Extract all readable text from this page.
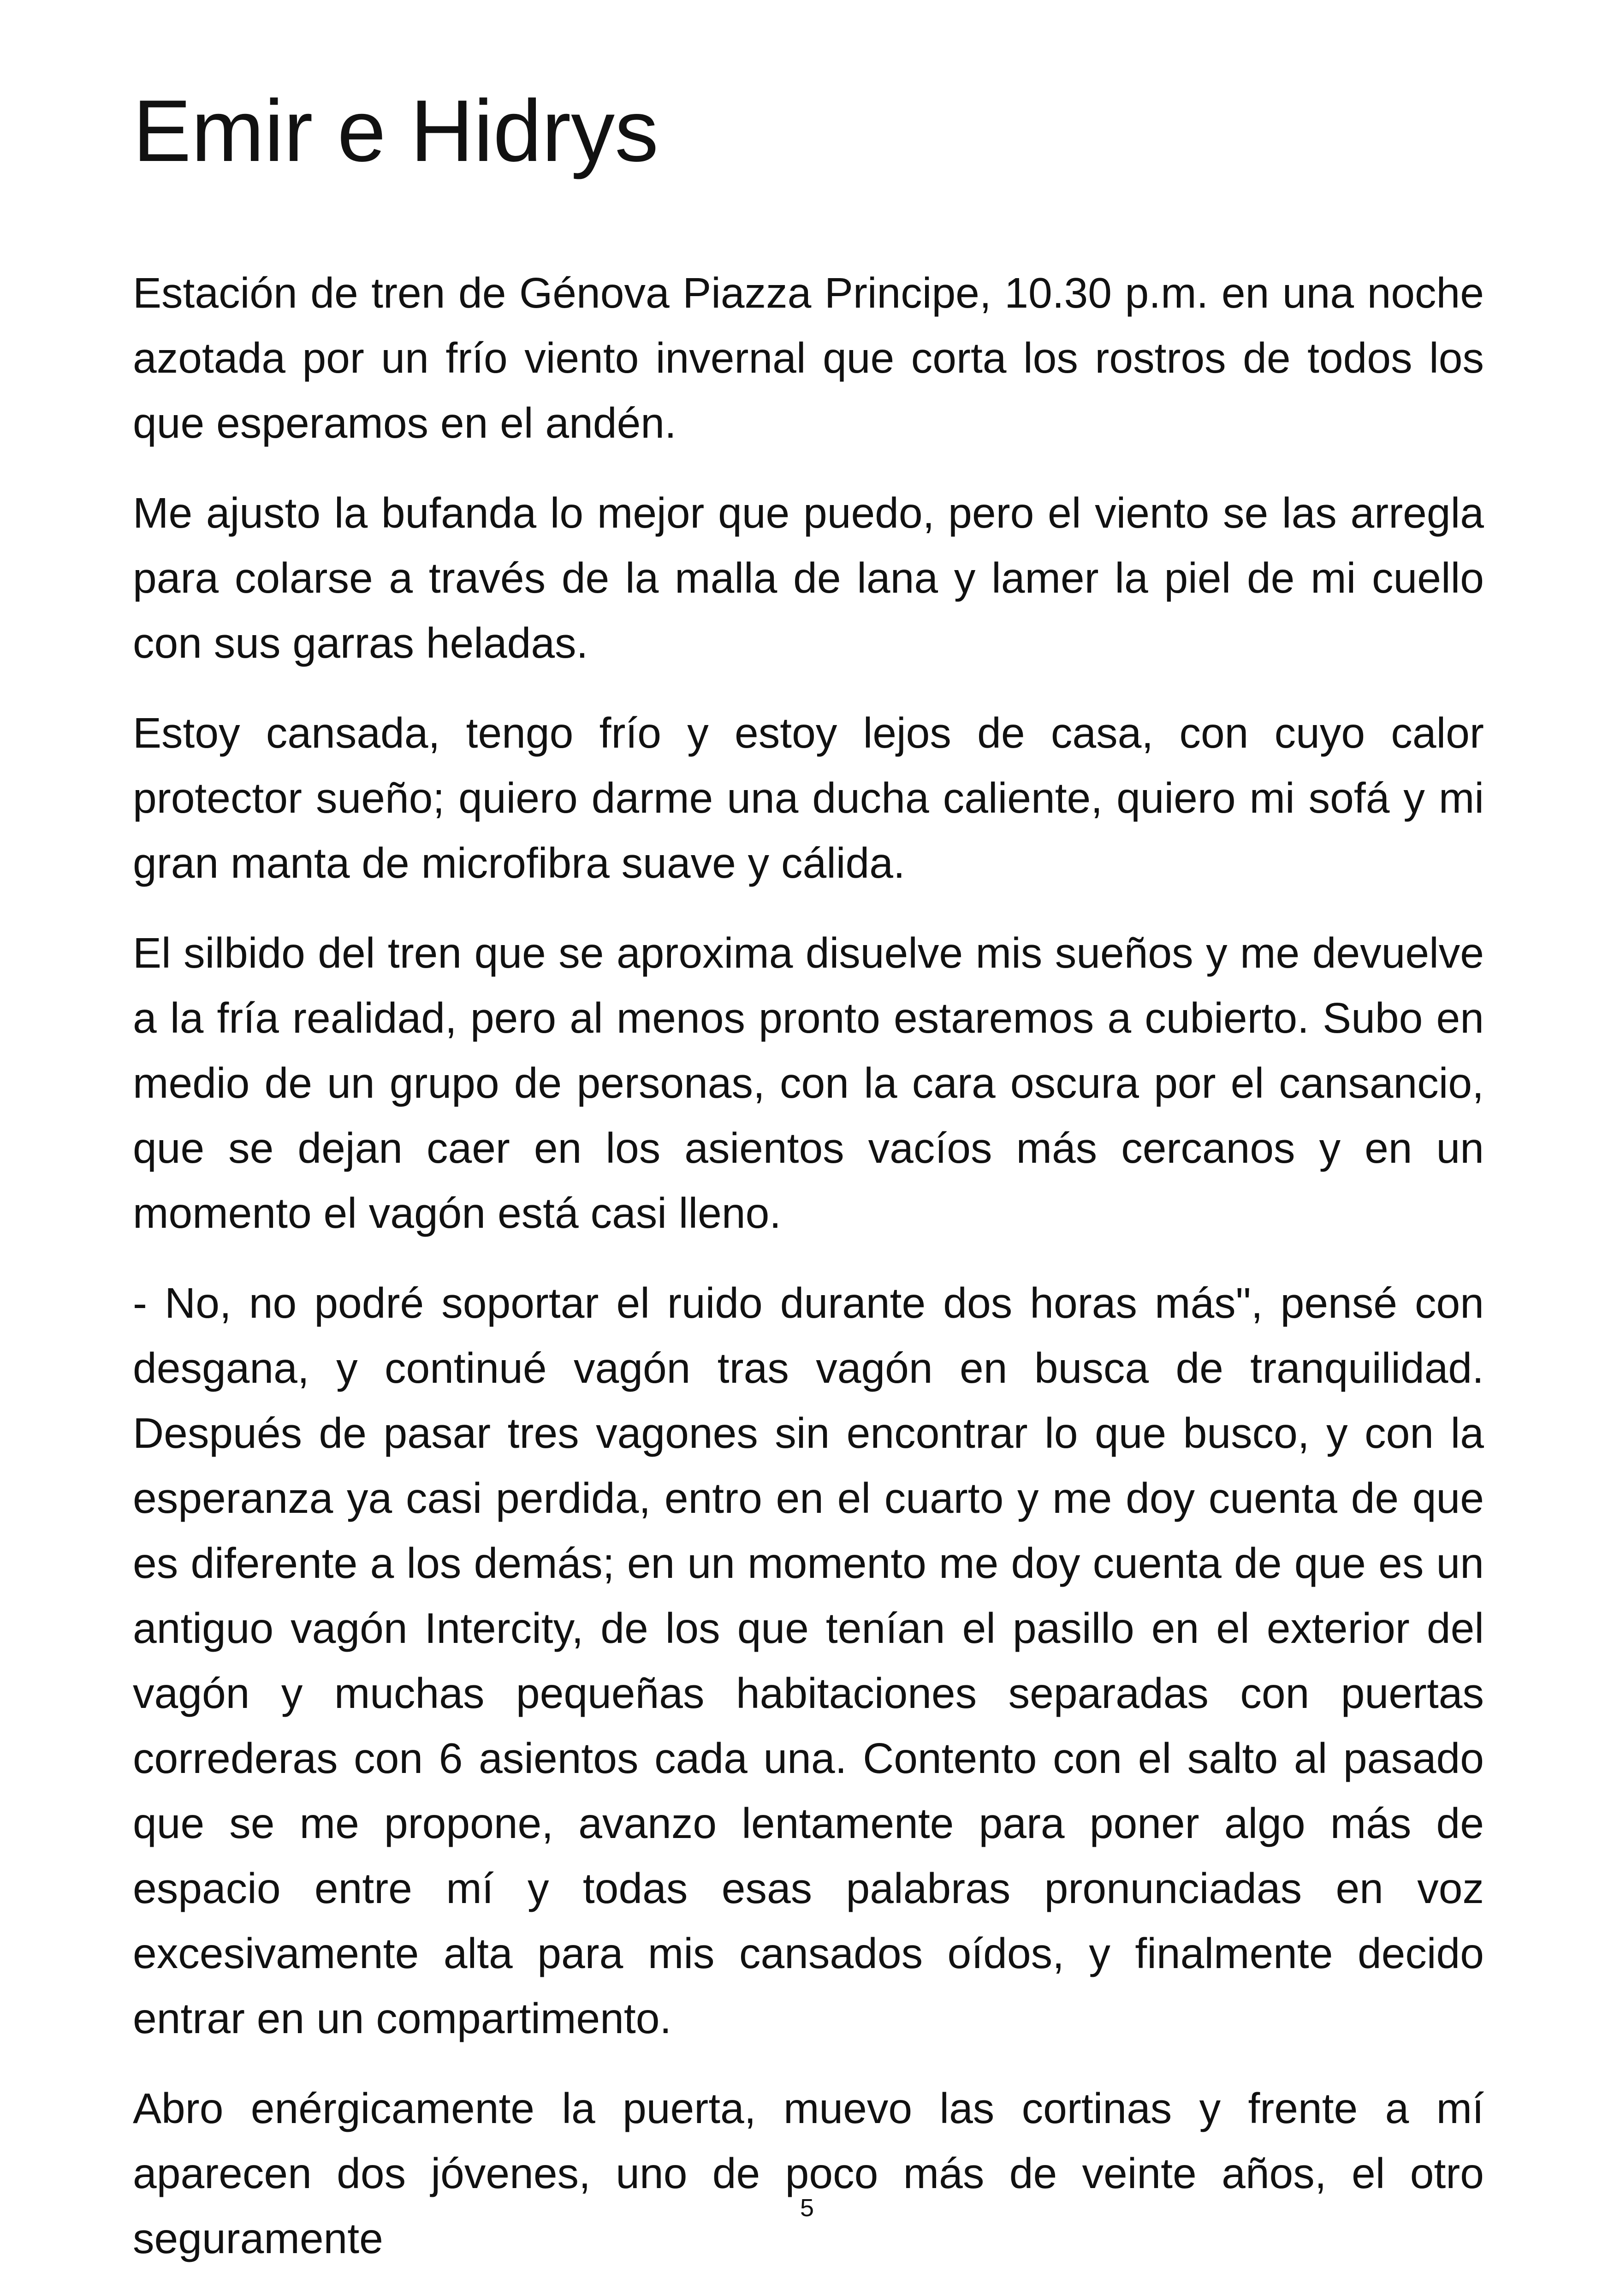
Emir e Hidrys

Estación de tren de Génova Piazza Principe, 10.30 p.m. en una noche azotada por un frío viento invernal que corta los rostros de todos los que esperamos en el andén.

Me ajusto la bufanda lo mejor que puedo, pero el viento se las arregla para colarse a través de la malla de lana y lamer la piel de mi cuello con sus garras heladas.

Estoy cansada, tengo frío y estoy lejos de casa, con cuyo calor protector sueño; quiero darme una ducha caliente, quiero mi sofá y mi gran manta de microfibra suave y cálida.

El silbido del tren que se aproxima disuelve mis sueños y me devuelve a la fría realidad, pero al menos pronto estaremos a cubierto. Subo en medio de un grupo de personas, con la cara oscura por el cansancio, que se dejan caer en los asientos vacíos más cercanos y en un momento el vagón está casi lleno.

- No, no podré soportar el ruido durante dos horas más", pensé con desgana, y continué vagón tras vagón en busca de tranquilidad. Después de pasar tres vagones sin encontrar lo que busco, y con la esperanza ya casi perdida, entro en el cuarto y me doy cuenta de que es diferente a los demás; en un momento me doy cuenta de que es un antiguo vagón Intercity, de los que tenían el pasillo en el exterior del vagón y muchas pequeñas habitaciones separadas con puertas correderas con 6 asientos cada una. Contento con el salto al pasado que se me propone, avanzo lentamente para poner algo más de espacio entre mí y todas esas palabras pronunciadas en voz excesivamente alta para mis cansados oídos, y finalmente decido entrar en un compartimento.

Abro enérgicamente la puerta, muevo las cortinas y frente a mí aparecen dos jóvenes, uno de poco más de veinte años, el otro seguramente

5
